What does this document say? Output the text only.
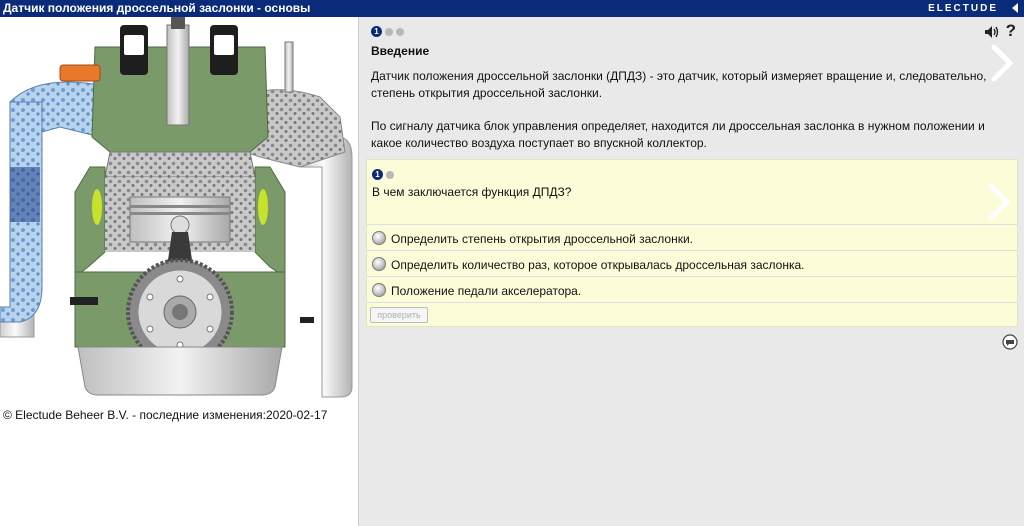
Датчик положения дроссельной заслонки - основы	ELECTUDE
© Electude Beheer B.V. - последние изменения:2020-02-17
1	?
Введение
Датчик положения дроссельной заслонки (ДПДЗ) - это датчик, который измеряет вращение и, следовательно, степень открытия дроссельной заслонки.
По сигналу датчика блок управления определяет, находится ли дроссельная заслонка в нужном положении и какое количество воздуха поступает во впускной коллектор.
1
В чем заключается функция ДПДЗ?
Определить степень открытия дроссельной заслонки.
Определить количество раз, которое открывалась дроссельная заслонка.
Положение педали акселератора.
проверить
